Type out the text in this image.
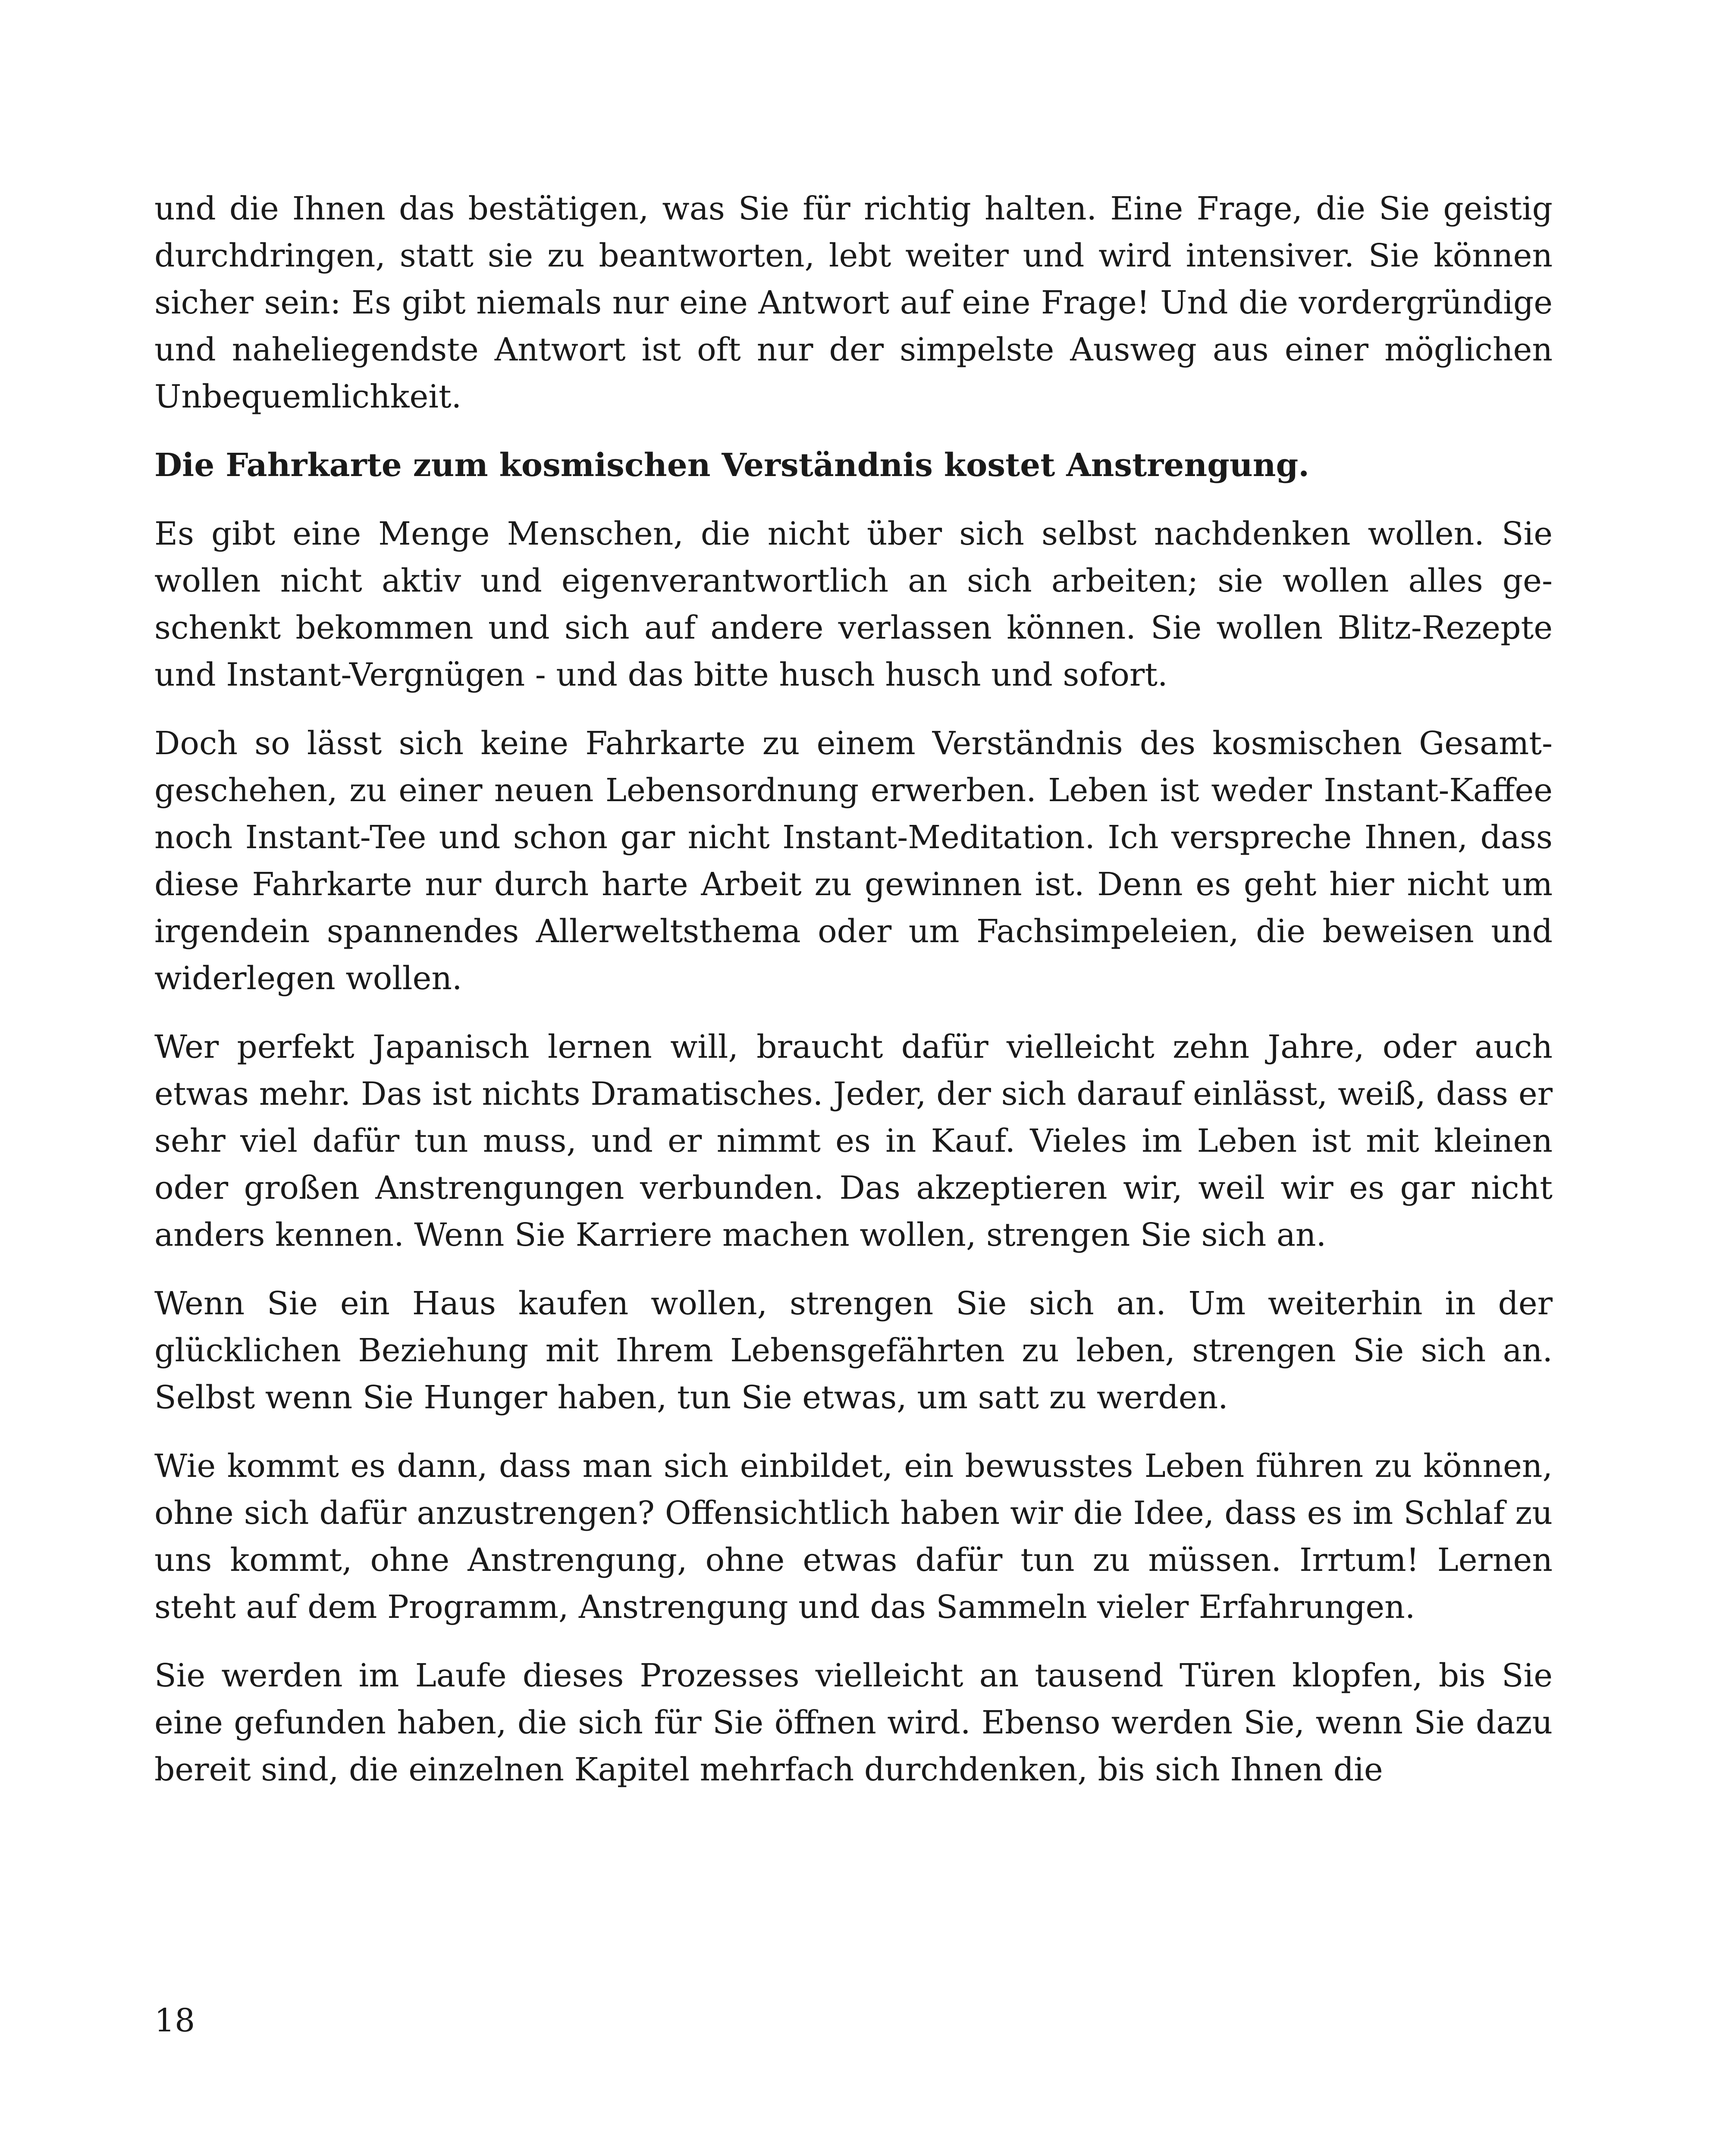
und die Ihnen das bestätigen, was Sie für richtig halten. Eine Frage, die Sie geistig durchdringen, statt sie zu beantworten, lebt weiter und wird intensiver. Sie können sicher sein: Es gibt niemals nur eine Antwort auf eine Frage! Und die vordergründige und naheliegendste Antwort ist oft nur der simpelste Ausweg aus einer möglichen Unbequemlichkeit.

Die Fahrkarte zum kosmischen Verständnis kostet Anstrengung.

Es gibt eine Menge Menschen, die nicht über sich selbst nachdenken wollen. Sie wollen nicht aktiv und eigenverantwortlich an sich arbeiten; sie wollen alles geschenkt bekommen und sich auf andere verlassen können. Sie wollen Blitz-Rezepte und Instant-Vergnügen - und das bitte husch husch und sofort.

Doch so lässt sich keine Fahrkarte zu einem Verständnis des kosmischen Gesamtgeschehen, zu einer neuen Lebensordnung erwerben. Leben ist weder Instant-Kaffee noch Instant-Tee und schon gar nicht Instant-Meditation. Ich verspreche Ihnen, dass diese Fahrkarte nur durch harte Arbeit zu gewinnen ist. Denn es geht hier nicht um irgendein spannendes Allerweltsthema oder um Fachsimpeleien, die beweisen und widerlegen wollen.

Wer perfekt Japanisch lernen will, braucht dafür vielleicht zehn Jahre, oder auch etwas mehr. Das ist nichts Dramatisches. Jeder, der sich darauf einlässt, weiß, dass er sehr viel dafür tun muss, und er nimmt es in Kauf. Vieles im Leben ist mit kleinen oder großen Anstrengungen verbunden. Das akzeptieren wir, weil wir es gar nicht anders kennen. Wenn Sie Karriere machen wollen, strengen Sie sich an.

Wenn Sie ein Haus kaufen wollen, strengen Sie sich an. Um weiterhin in der glücklichen Beziehung mit Ihrem Lebensgefährten zu leben, strengen Sie sich an. Selbst wenn Sie Hunger haben, tun Sie etwas, um satt zu werden.

Wie kommt es dann, dass man sich einbildet, ein bewusstes Leben führen zu können, ohne sich dafür anzustrengen? Offensichtlich haben wir die Idee, dass es im Schlaf zu uns kommt, ohne Anstrengung, ohne etwas dafür tun zu müssen. Irrtum! Lernen steht auf dem Programm, Anstrengung und das Sammeln vieler Erfahrungen.

Sie werden im Laufe dieses Prozesses vielleicht an tausend Türen klopfen, bis Sie eine gefunden haben, die sich für Sie öffnen wird. Ebenso werden Sie, wenn Sie dazu bereit sind, die einzelnen Kapitel mehrfach durchdenken, bis sich Ihnen die

18
